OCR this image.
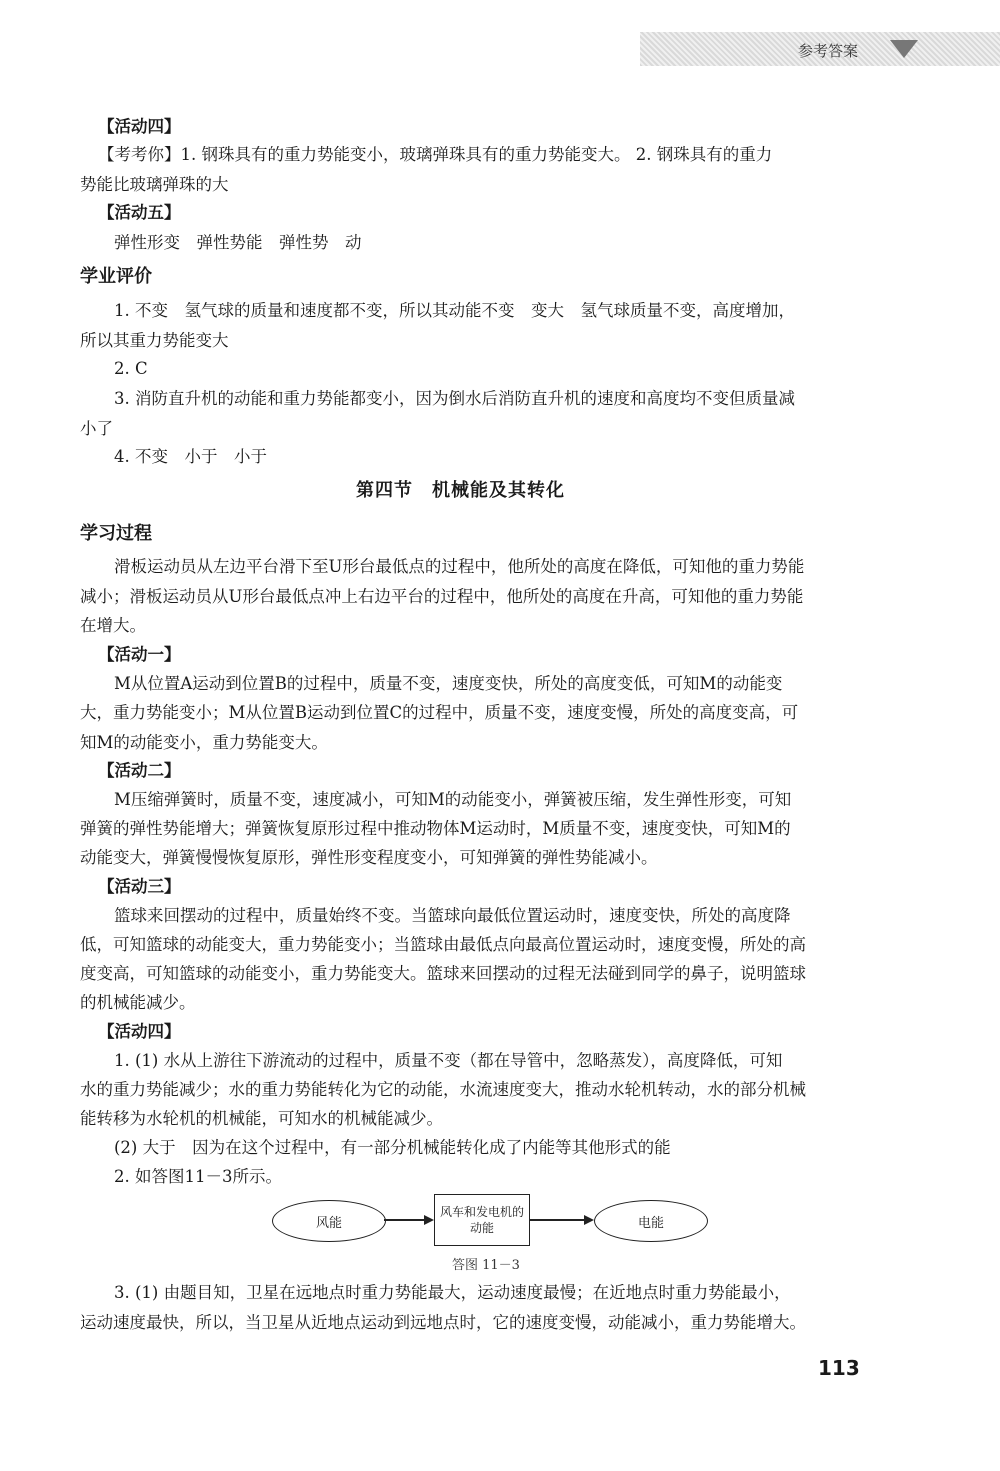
参考答案
【活动四】
【考考你】1. 钢珠具有的重力势能变小，玻璃弹珠具有的重力势能变大。 2. 钢珠具有的重力
势能比玻璃弹珠的大
【活动五】
弹性形变　弹性势能　弹性势　动
学业评价
1. 不变　氢气球的质量和速度都不变，所以其动能不变　变大　氢气球质量不变，高度增加，
所以其重力势能变大
2. C
3. 消防直升机的动能和重力势能都变小，因为倒水后消防直升机的速度和高度均不变但质量减
小了
4. 不变　小于　小于
第四节　机械能及其转化
学习过程
滑板运动员从左边平台滑下至U形台最低点的过程中，他所处的高度在降低，可知他的重力势能
减小；滑板运动员从U形台最低点冲上右边平台的过程中，他所处的高度在升高，可知他的重力势能
在增大。
【活动一】
M从位置A运动到位置B的过程中，质量不变，速度变快，所处的高度变低，可知M的动能变
大，重力势能变小；M从位置B运动到位置C的过程中，质量不变，速度变慢，所处的高度变高，可
知M的动能变小，重力势能变大。
【活动二】
M压缩弹簧时，质量不变，速度减小，可知M的动能变小，弹簧被压缩，发生弹性形变，可知
弹簧的弹性势能增大；弹簧恢复原形过程中推动物体M运动时，M质量不变，速度变快，可知M的
动能变大，弹簧慢慢恢复原形，弹性形变程度变小，可知弹簧的弹性势能减小。
【活动三】
篮球来回摆动的过程中，质量始终不变。当篮球向最低位置运动时，速度变快，所处的高度降
低，可知篮球的动能变大，重力势能变小；当篮球由最低点向最高位置运动时，速度变慢，所处的高
度变高，可知篮球的动能变小，重力势能变大。篮球来回摆动的过程无法碰到同学的鼻子，说明篮球
的机械能减少。
【活动四】
1. (1) 水从上游往下游流动的过程中，质量不变（都在导管中，忽略蒸发），高度降低，可知
水的重力势能减少；水的重力势能转化为它的动能，水流速度变大，推动水轮机转动，水的部分机械
能转移为水轮机的机械能，可知水的机械能减少。
(2) 大于　因为在这个过程中，有一部分机械能转化成了内能等其他形式的能
2. 如答图11－3所示。
风能
风车和发电机的动能	电能
答图 11－3
3. (1) 由题目知，卫星在远地点时重力势能最大，运动速度最慢；在近地点时重力势能最小，
运动速度最快，所以，当卫星从近地点运动到远地点时，它的速度变慢，动能减小，重力势能增大。
113
